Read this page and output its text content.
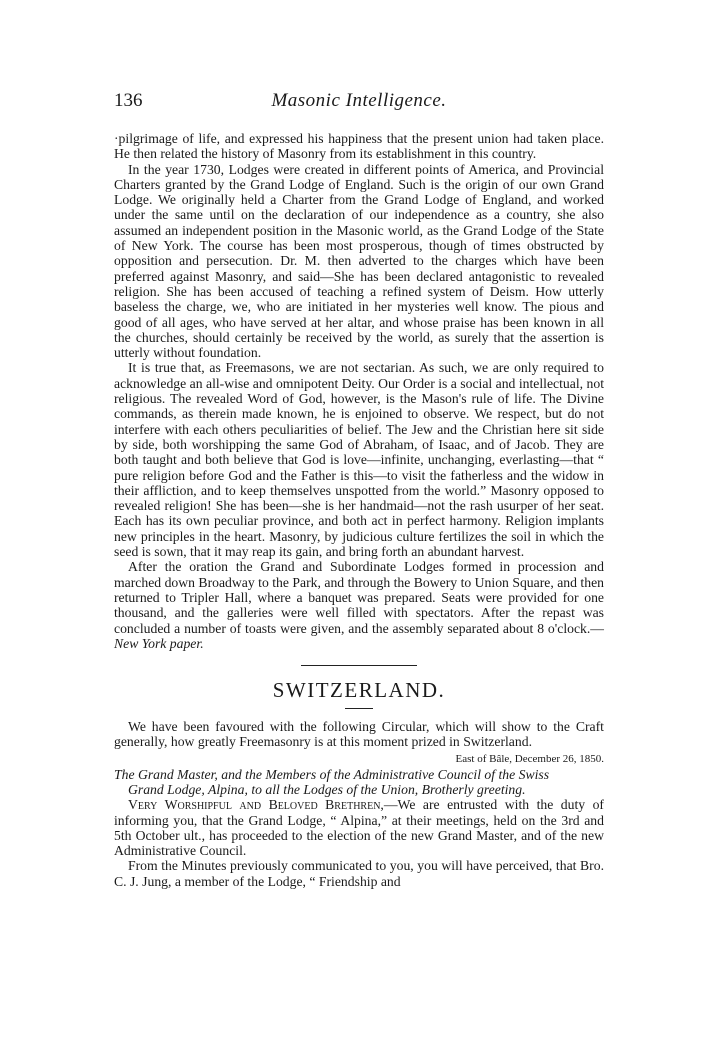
136	Masonic Intelligence.

·pilgrimage of life, and expressed his happiness that the present union had taken place. He then related the history of Masonry from its establishment in this country.

In the year 1730, Lodges were created in different points of America, and Provincial Charters granted by the Grand Lodge of England. Such is the origin of our own Grand Lodge. We originally held a Charter from the Grand Lodge of England, and worked under the same until on the declaration of our independence as a country, she also assumed an independent position in the Masonic world, as the Grand Lodge of the State of New York. The course has been most prosperous, though of times obstructed by opposition and persecution. Dr. M. then adverted to the charges which have been preferred against Masonry, and said—She has been declared antagonistic to revealed religion. She has been accused of teaching a refined system of Deism. How utterly baseless the charge, we, who are initiated in her mysteries well know. The pious and good of all ages, who have served at her altar, and whose praise has been known in all the churches, should certainly be received by the world, as surely that the assertion is utterly without foundation.

It is true that, as Freemasons, we are not sectarian. As such, we are only required to acknowledge an all-wise and omnipotent Deity. Our Order is a social and intellectual, not religious. The revealed Word of God, however, is the Mason's rule of life. The Divine commands, as therein made known, he is enjoined to observe. We respect, but do not interfere with each others peculiarities of belief. The Jew and the Christian here sit side by side, both worshipping the same God of Abraham, of Isaac, and of Jacob. They are both taught and both believe that God is love—infinite, unchanging, everlasting—that “ pure religion before God and the Father is this—to visit the fatherless and the widow in their affliction, and to keep themselves unspotted from the world.” Masonry opposed to revealed religion! She has been—she is her handmaid—not the rash usurper of her seat. Each has its own peculiar province, and both act in perfect harmony. Religion implants new principles in the heart. Masonry, by judicious culture fertilizes the soil in which the seed is sown, that it may reap its gain, and bring forth an abundant harvest.

After the oration the Grand and Subordinate Lodges formed in procession and marched down Broadway to the Park, and through the Bowery to Union Square, and then returned to Tripler Hall, where a banquet was prepared. Seats were provided for one thousand, and the galleries were well filled with spectators. After the repast was concluded a number of toasts were given, and the assembly separated about 8 o'clock.—New York paper.

SWITZERLAND.

We have been favoured with the following Circular, which will show to the Craft generally, how greatly Freemasonry is at this moment prized in Switzerland.

East of Bâle, December 26, 1850.

The Grand Master, and the Members of the Administrative Council of the Swiss

Grand Lodge, Alpina, to all the Lodges of the Union, Brotherly greeting.

Very Worshipful and Beloved Brethren,—We are entrusted with the duty of informing you, that the Grand Lodge, “ Alpina,” at their meetings, held on the 3rd and 5th October ult., has proceeded to the election of the new Grand Master, and of the new Administrative Council.

From the Minutes previously communicated to you, you will have perceived, that Bro. C. J. Jung, a member of the Lodge, “ Friendship and
